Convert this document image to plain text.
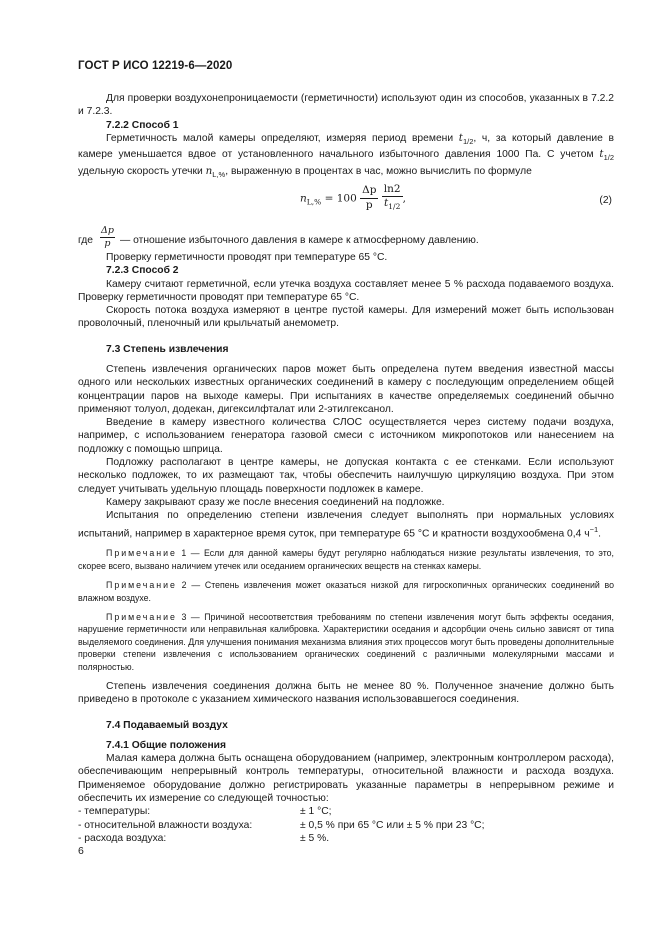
ГОСТ Р ИСО 12219-6—2020

Для проверки воздухонепроницаемости (герметичности) используют один из способов, указанных в 7.2.2 и 7.2.3.

7.2.2 Способ 1

Герметичность малой камеры определяют, измеряя период времени $t_{1/2}$, ч, за который давление в камере уменьшается вдвое от установленного начального избыточного давления 1000 Па. С учетом $t_{1/2}$ удельную скорость утечки $n_{L,\%}$, выраженную в процентах в час, можно вычислить по формуле

$n_{L,\%} = 100 \frac{\Delta p}{p}$
$\frac{\ln 2}{t_{1/2}}$ ,	(2)
где
Δp
p — отношение избыточного давления в камере к атмосферному давлению.

Проверку герметичности проводят при температуре 65 °С.

7.2.3 Способ 2

Камеру считают герметичной, если утечка воздуха составляет менее 5 % расхода подаваемого воздуха. Проверку герметичности проводят при температуре 65 °С.

Скорость потока воздуха измеряют в центре пустой камеры. Для измерений может быть использован проволочный, пленочный или крыльчатый анемометр.

7.3 Степень извлечения

Степень извлечения органических паров может быть определена путем введения известной массы одного или нескольких известных органических соединений в камеру с последующим определением общей концентрации паров на выходе камеры. При испытаниях в качестве определяемых соединений обычно применяют толуол, додекан, дигексилфталат или 2-этилгексанол.

Введение в камеру известного количества СЛОС осуществляется через систему подачи воздуха, например, с использованием генератора газовой смеси с источником микропотоков или нанесением на подложку с помощью шприца.

Подложку располагают в центре камеры, не допуская контакта с ее стенками. Если используют несколько подложек, то их размещают так, чтобы обеспечить наилучшую циркуляцию воздуха. При этом следует учитывать удельную площадь поверхности подложек в камере.

Камеру закрывают сразу же после внесения соединений на подложке.

Испытания по определению степени извлечения следует выполнять при нормальных условиях испытаний, например в характерное время суток, при температуре 65 °С и кратности воздухообмена 0,4 $ч^{-1}$.

Примечание 1 — Если для данной камеры будут регулярно наблюдаться низкие результаты извлечения, то это, скорее всего, вызвано наличием утечек или оседанием органических веществ на стенках камеры.

Примечание 2 — Степень извлечения может оказаться низкой для гигроскопичных органических соединений во влажном воздухе.

Примечание 3 — Причиной несоответствия требованиям по степени извлечения могут быть эффекты оседания, нарушение герметичности или неправильная калибровка. Характеристики оседания и адсорбции очень сильно зависят от типа выделяемого соединения. Для улучшения понимания механизма влияния этих процессов могут быть проведены дополнительные проверки степени извлечения с использованием органических соединений с различными молекулярными массами и полярностью.

Степень извлечения соединения должна быть не менее 80 %. Полученное значение должно быть приведено в протоколе с указанием химического названия использовавшегося соединения.

7.4 Подаваемый воздух
7.4.1 Общие положения

Малая камера должна быть оснащена оборудованием (например, электронным контроллером расхода), обеспечивающим непрерывный контроль температуры, относительной влажности и расхода воздуха. Применяемое оборудование должно регистрировать указанные параметры в непрерывном режиме и обеспечить их измерение со следующей точностью:

- температуры:	± 1 °С;
- относительной влажности воздуха:	± 0,5 % при 65 °С или ± 5 % при 23 °С;
- расхода воздуха:	± 5 %.
6
